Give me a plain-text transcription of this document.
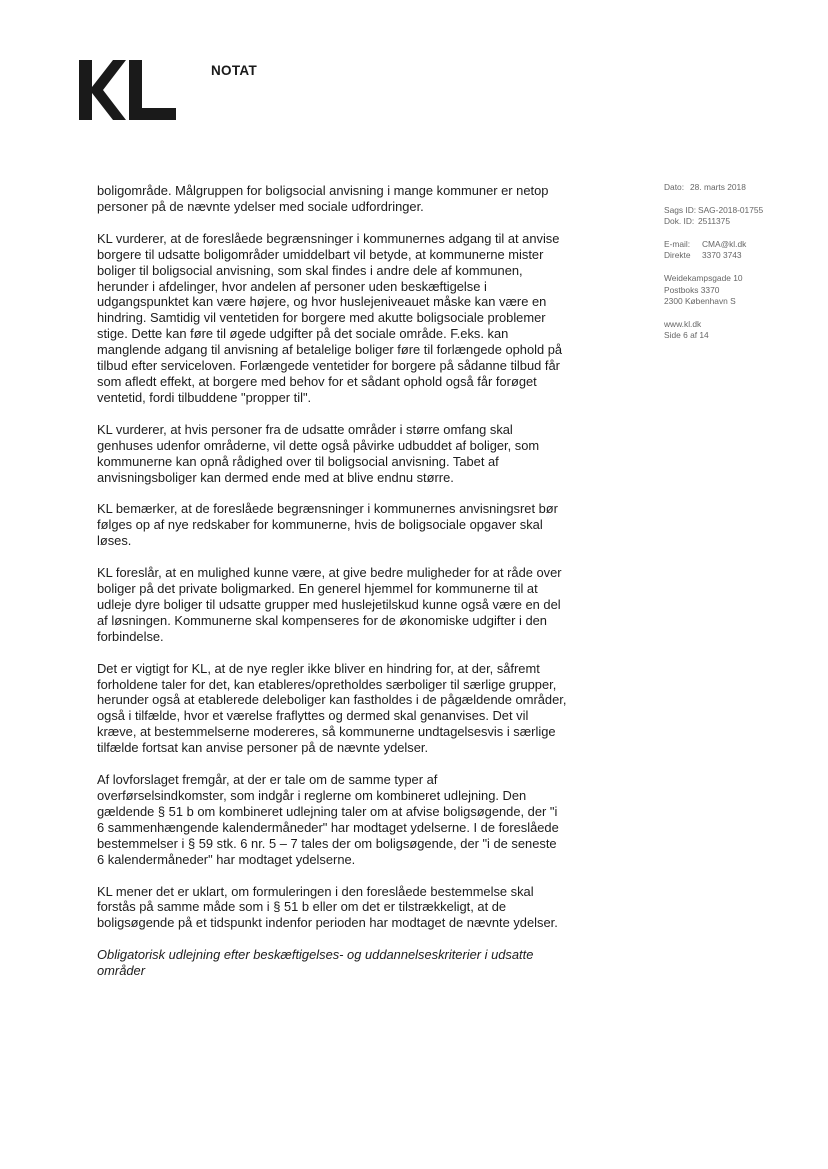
NOTAT
Dato: 28. marts 2018
Sags ID: SAG-2018-01755
Dok. ID: 2511375
E-mail: CMA@kl.dk
Direkte 3370 3743
Weidekampsgade 10
Postboks 3370
2300 København S
www.kl.dk
Side 6 af 14

boligområde. Målgruppen for boligsocial anvisning i mange kommuner er netop personer på de nævnte ydelser med sociale udfordringer.

KL vurderer, at de foreslåede begrænsninger i kommunernes adgang til at anvise borgere til udsatte boligområder umiddelbart vil betyde, at kommunerne mister boliger til boligsocial anvisning, som skal findes i andre dele af kommunen, herunder i afdelinger, hvor andelen af personer uden beskæftigelse i udgangspunktet kan være højere, og hvor huslejeniveauet måske kan være en hindring. Samtidig vil ventetiden for borgere med akutte boligsociale problemer stige. Dette kan føre til øgede udgifter på det sociale område. F.eks. kan manglende adgang til anvisning af betalelige boliger føre til forlængede ophold på tilbud efter serviceloven. Forlængede ventetider for borgere på sådanne tilbud får som afledt effekt, at borgere med behov for et sådant ophold også får forøget ventetid, fordi tilbuddene "propper til".

KL vurderer, at hvis personer fra de udsatte områder i større omfang skal genhuses udenfor områderne, vil dette også påvirke udbuddet af boliger, som kommunerne kan opnå rådighed over til boligsocial anvisning. Tabet af anvisningsboliger kan dermed ende med at blive endnu større.

KL bemærker, at de foreslåede begrænsninger i kommunernes anvisningsret bør følges op af nye redskaber for kommunerne, hvis de boligsociale opgaver skal løses.

KL foreslår, at en mulighed kunne være, at give bedre muligheder for at råde over boliger på det private boligmarked. En generel hjemmel for kommunerne til at udleje dyre boliger til udsatte grupper med huslejetilskud kunne også være en del af løsningen. Kommunerne skal kompenseres for de økonomiske udgifter i den forbindelse.

Det er vigtigt for KL, at de nye regler ikke bliver en hindring for, at der, såfremt forholdene taler for det, kan etableres/opretholdes særboliger til særlige grupper, herunder også at etablerede deleboliger kan fastholdes i de pågældende områder, også i tilfælde, hvor et værelse fraflyttes og dermed skal genanvises. Det vil kræve, at bestemmelserne modereres, så kommunerne undtagelsesvis i særlige tilfælde fortsat kan anvise personer på de nævnte ydelser.

Af lovforslaget fremgår, at der er tale om de samme typer af overførselsindkomster, som indgår i reglerne om kombineret udlejning. Den gældende § 51 b om kombineret udlejning taler om at afvise boligsøgende, der "i 6 sammenhængende kalendermåneder" har modtaget ydelserne. I de foreslåede bestemmelser i § 59 stk. 6 nr. 5 – 7 tales der om boligsøgende, der "i de seneste 6 kalendermåneder" har modtaget ydelserne.

KL mener det er uklart, om formuleringen i den foreslåede bestemmelse skal forstås på samme måde som i § 51 b eller om det er tilstrækkeligt, at de boligsøgende på et tidspunkt indenfor perioden har modtaget de nævnte ydelser.

Obligatorisk udlejning efter beskæftigelses- og uddannelseskriterier i udsatte områder
